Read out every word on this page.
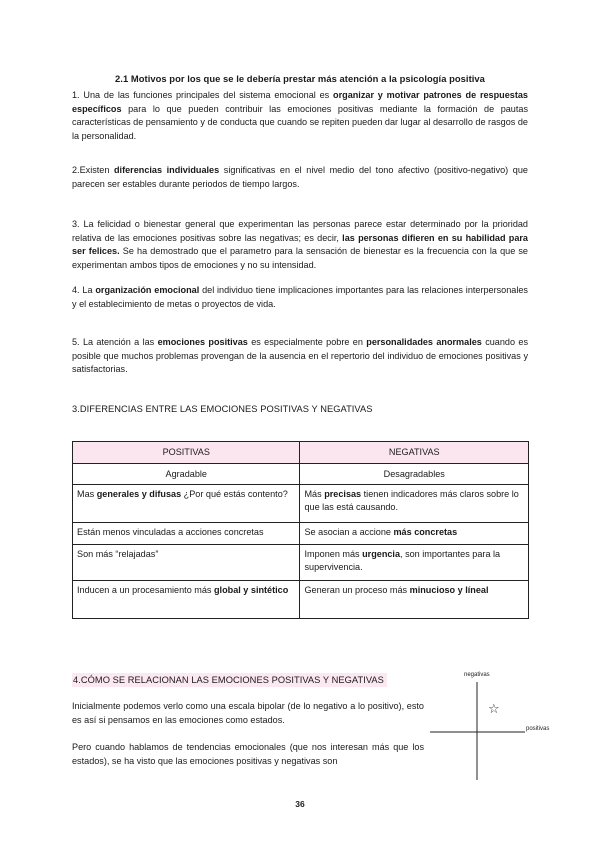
2.1 Motivos por los que se le debería prestar más atención a la psicología positiva

1. Una de las funciones principales del sistema emocional es organizar y motivar patrones de respuestas específicos para lo que pueden contribuir las emociones positivas mediante la formación de pautas características de pensamiento y de conducta que cuando se repiten pueden dar lugar al desarrollo de rasgos de la personalidad.

2.Existen diferencias individuales significativas en el nivel medio del tono afectivo (positivo-negativo) que parecen ser estables durante periodos de tiempo largos.

3. La felicidad o bienestar general que experimentan las personas parece estar determinado por la prioridad relativa de las emociones positivas sobre las negativas; es decir, las personas difieren en su habilidad para ser felices. Se ha demostrado que el parametro para la sensación de bienestar es la frecuencia con la que se experimentan ambos tipos de emociones y no su intensidad.

4. La organización emocional del individuo tiene implicaciones importantes para las relaciones interpersonales y el establecimiento de metas o proyectos de vida.

5. La atención a las emociones positivas es especialmente pobre en personalidades anormales cuando es posible que muchos problemas provengan de la ausencia en el repertorio del individuo de emociones positivas y satisfactorias.

3.DIFERENCIAS ENTRE LAS EMOCIONES POSITIVAS Y NEGATIVAS
POSITIVAS	NEGATIVAS
Agradable	Desagradables
Mas generales y difusas ¿Por qué estás contento?	Más precisas tienen indicadores más claros sobre lo que las está causando.
Están menos vinculadas a acciones concretas	Se asocian a accione más concretas
Son más “relajadas”	Imponen más urgencia, son importantes para la supervivencia.
Inducen a un procesamiento más global y sintético	Generan un proceso más minucioso y líneal
4.CÓMO SE RELACIONAN LAS EMOCIONES POSITIVAS Y NEGATIVAS

Inicialmente podemos verlo como una escala bipolar (de lo negativo a lo positivo), esto es así si pensamos en las emociones como estados.

Pero cuando hablamos de tendencias emocionales (que nos interesan más que los estados), se ha visto que las emociones positivas y negativas son

negativas
positivas
☆
36
